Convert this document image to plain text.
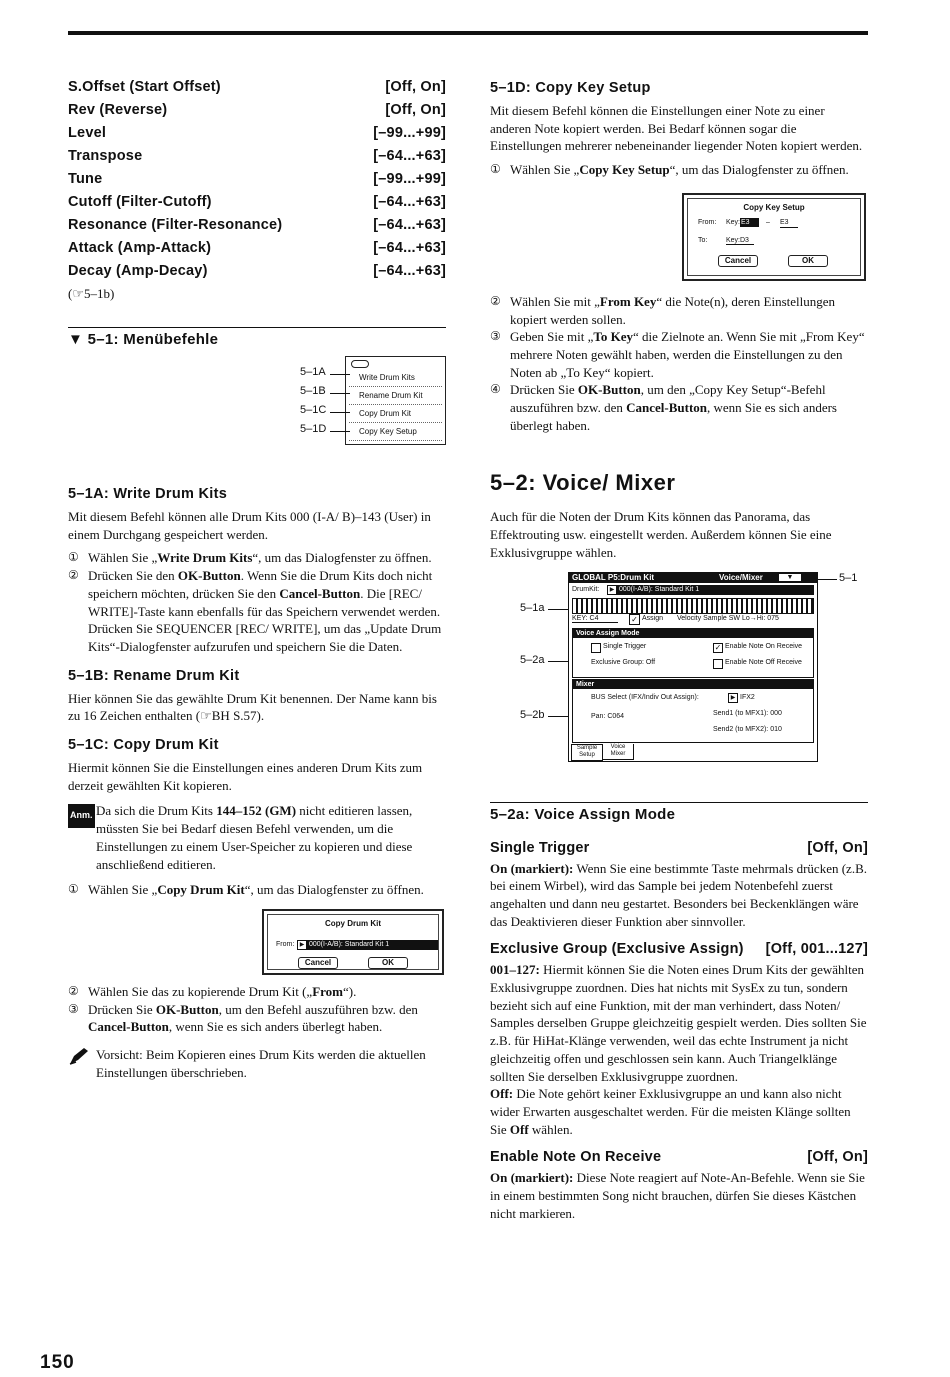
S.Offset (Start Offset)	[Off, On]
Rev (Reverse)	[Off, On]
Level	[–99...+99]
Transpose	[–64...+63]
Tune	[–99...+99]
Cutoff (Filter-Cutoff)	[–64...+63]
Resonance (Filter-Resonance)	[–64...+63]
Attack (Amp-Attack)	[–64...+63]
Decay (Amp-Decay)	[–64...+63]
(☞5–1b)
▼ 5–1: Menübefehle
Write Drum Kits
Rename Drum Kit
Copy Drum Kit
Copy Key Setup
5–1A
5–1B
5–1C
5–1D
5–1A: Write Drum Kits

Mit diesem Befehl können alle Drum Kits 000 (I-A/ B)–143 (User) in einem Durchgang gespeichert werden.

① Wählen Sie „Write Drum Kits“, um das Dialogfenster zu öffnen.
② Drücken Sie den OK-Button. Wenn Sie die Drum Kits doch nicht speichern möchten, drücken Sie den Cancel-Button. Die [REC/ WRITE]-Taste kann ebenfalls für das Speichern verwendet werden.
Drücken Sie SEQUENCER [REC/ WRITE], um das „Update Drum Kits“-Dialogfenster aufzurufen und speichern Sie die Daten.
5–1B: Rename Drum Kit

Hier können Sie das gewählte Drum Kit benennen. Der Name kann bis zu 16 Zeichen enthalten (☞BH S.57).

5–1C: Copy Drum Kit

Hiermit können Sie die Einstellungen eines anderen Drum Kits zum derzeit gewählten Kit kopieren.

Anm. Da sich die Drum Kits 144–152 (GM) nicht editieren lassen, müssten Sie bei Bedarf diesen Befehl verwenden, um die Einstellungen zu einem User-Speicher zu kopieren und diese anschließend editieren.
① Wählen Sie „Copy Drum Kit“, um das Dialogfenster zu öffnen.
Copy Drum Kit
From: ▶ 000(I-A/B): Standard Kit 1
Cancel	OK
② Wählen Sie das zu kopierende Drum Kit („From“).
③ Drücken Sie OK-Button, um den Befehl auszuführen bzw. den Cancel-Button, wenn Sie es sich anders überlegt haben.
Vorsicht: Beim Kopieren eines Drum Kits werden die aktuellen Einstellungen überschrieben.
5–1D: Copy Key Setup

Mit diesem Befehl können die Einstellungen einer Note zu einer anderen Note kopiert werden. Bei Bedarf können sogar die Einstellungen mehrerer nebeneinander liegender Noten kopiert werden.

① Wählen Sie „Copy Key Setup“, um das Dialogfenster zu öffnen.
Copy Key Setup
From: Key: E3	– E3
To:	Key:D3
Cancel	OK
② Wählen Sie mit „From Key“ die Note(n), deren Einstellungen kopiert werden sollen.
③ Geben Sie mit „To Key“ die Zielnote an. Wenn Sie mit „From Key“ mehrere Noten gewählt haben, werden die Einstellungen zu den Noten ab „To Key“ kopiert.
④ Drücken Sie OK-Button, um den „Copy Key Setup“-Befehl auszuführen bzw. den Cancel-Button, wenn Sie es sich anders überlegt haben.
5–2: Voice/ Mixer

Auch für die Noten der Drum Kits können das Panorama, das Effektrouting usw. eingestellt werden. Außerdem können Sie eine Exklusivgruppe wählen.

5–1
5–1a
5–2a
5–2b
GLOBAL P5:Drum Kit	Voice/Mixer	▼
DrumKit:	▶ 000(I-A/B): Standard Kit 1
KEY: C4	✓ Assign Velocity Sample SW Lo→Hi: 075
Voice Assign Mode
Single Trigger	✓ Enable Note On Receive
Exclusive Group: Off	Enable Note Off Receive
Mixer
BUS Select (IFX/Indiv Out Assign):	▶ IFX2
Pan: C064	Send1 (to MFX1): 000
Send2 (to MFX2): 010
Sample Setup
Voice Mixer
5–2a: Voice Assign Mode
Single Trigger	[Off, On]

On (markiert): Wenn Sie eine bestimmte Taste mehrmals drücken (z.B. bei einem Wirbel), wird das Sample bei jedem Notenbefehl zuerst angehalten und dann neu gestartet. Besonders bei Beckenklängen wäre das Deaktivieren dieser Funktion aber sinnvoller.

Exclusive Group (Exclusive Assign) [Off, 001...127]

001–127: Hiermit können Sie die Noten eines Drum Kits der gewählten Exklusivgruppe zuordnen. Dies hat nichts mit SysEx zu tun, sondern bezieht sich auf eine Funktion, mit der man verhindert, dass Noten/ Samples derselben Gruppe gleichzeitig gespielt werden. Dies sollten Sie z.B. für HiHat-Klänge verwenden, weil das echte Instrument ja nicht gleichzeitig offen und geschlossen sein kann. Auch Triangelklänge sollten Sie derselben Exklusivgruppe zuordnen.
Off: Die Note gehört keiner Exklusivgruppe an und kann also nicht wider Erwarten ausgeschaltet werden. Für die meisten Klänge sollten Sie Off wählen.

Enable Note On Receive	[Off, On]

On (markiert): Diese Note reagiert auf Note-An-Befehle. Wenn sie Sie in einem bestimmten Song nicht brauchen, dürfen Sie dieses Kästchen nicht markieren.

150
